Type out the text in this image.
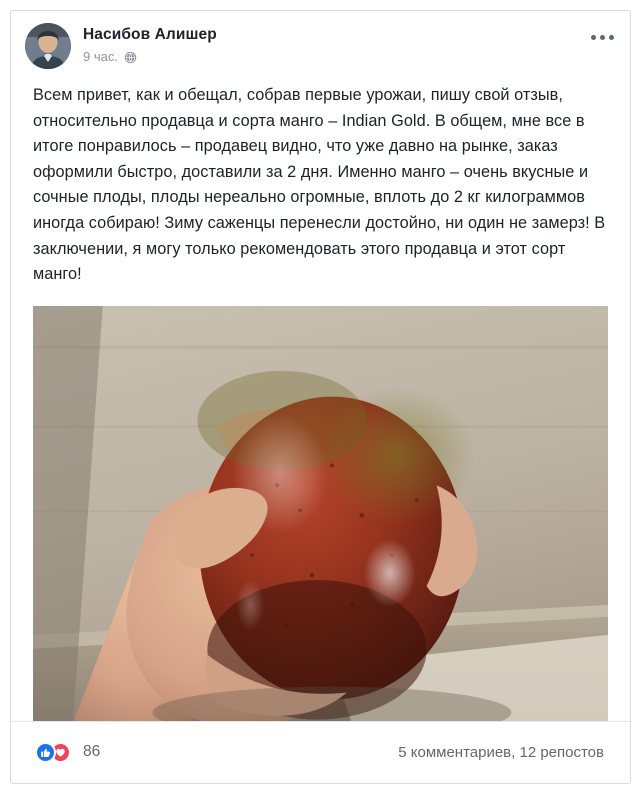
Насибов Алишер
9 час.
Всем привет, как и обещал, собрав первые урожаи, пишу свой отзыв, относительно продавца и сорта манго – Indian Gold. В общем, мне все в итоге понравилось – продавец видно, что уже давно на рынке, заказ оформили быстро, доставили за 2 дня. Именно манго – очень вкусные и сочные плоды, плоды нереально огромные, вплоть до 2 кг килограммов иногда собираю! Зиму саженцы перенесли достойно, ни один не замерз! В заключении, я могу только рекомендовать этого продавца и этот сорт манго!
86	5 комментариев, 12 репостов
